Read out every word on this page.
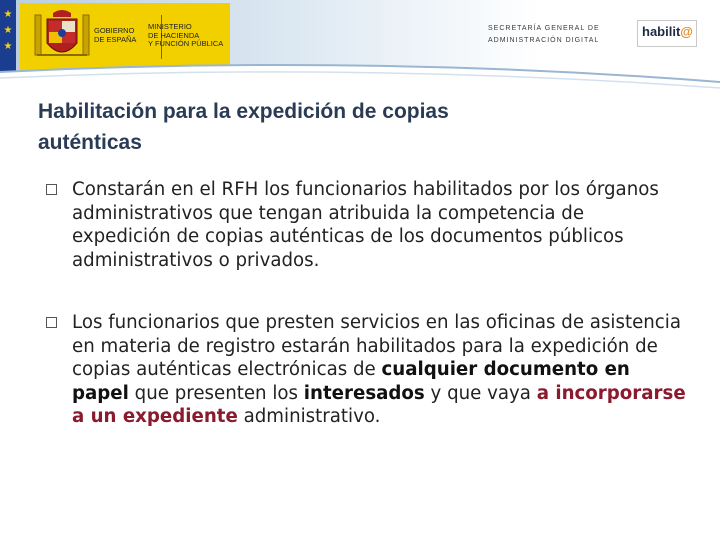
★
★
★
GOBIERNO
DE ESPAÑA
MINISTERIO
DE HACIENDA
Y FUNCIÓN PÚBLICA
SECRETARÍA GENERAL DE
ADMINISTRACIÓN DIGITAL
habilit@
Habilitación para la expedición de copias
auténticas
Constarán en el RFH los funcionarios habilitados por los órganos administrativos que tengan atribuida la competencia de expedición de copias auténticas de los documentos públicos administrativos o privados.
Los funcionarios que presten servicios en las oficinas de asistencia en materia de registro estarán habilitados para la expedición de copias auténticas electrónicas de cualquier documento en papel que presenten los interesados y que vaya a incorporarse a un expediente administrativo.
